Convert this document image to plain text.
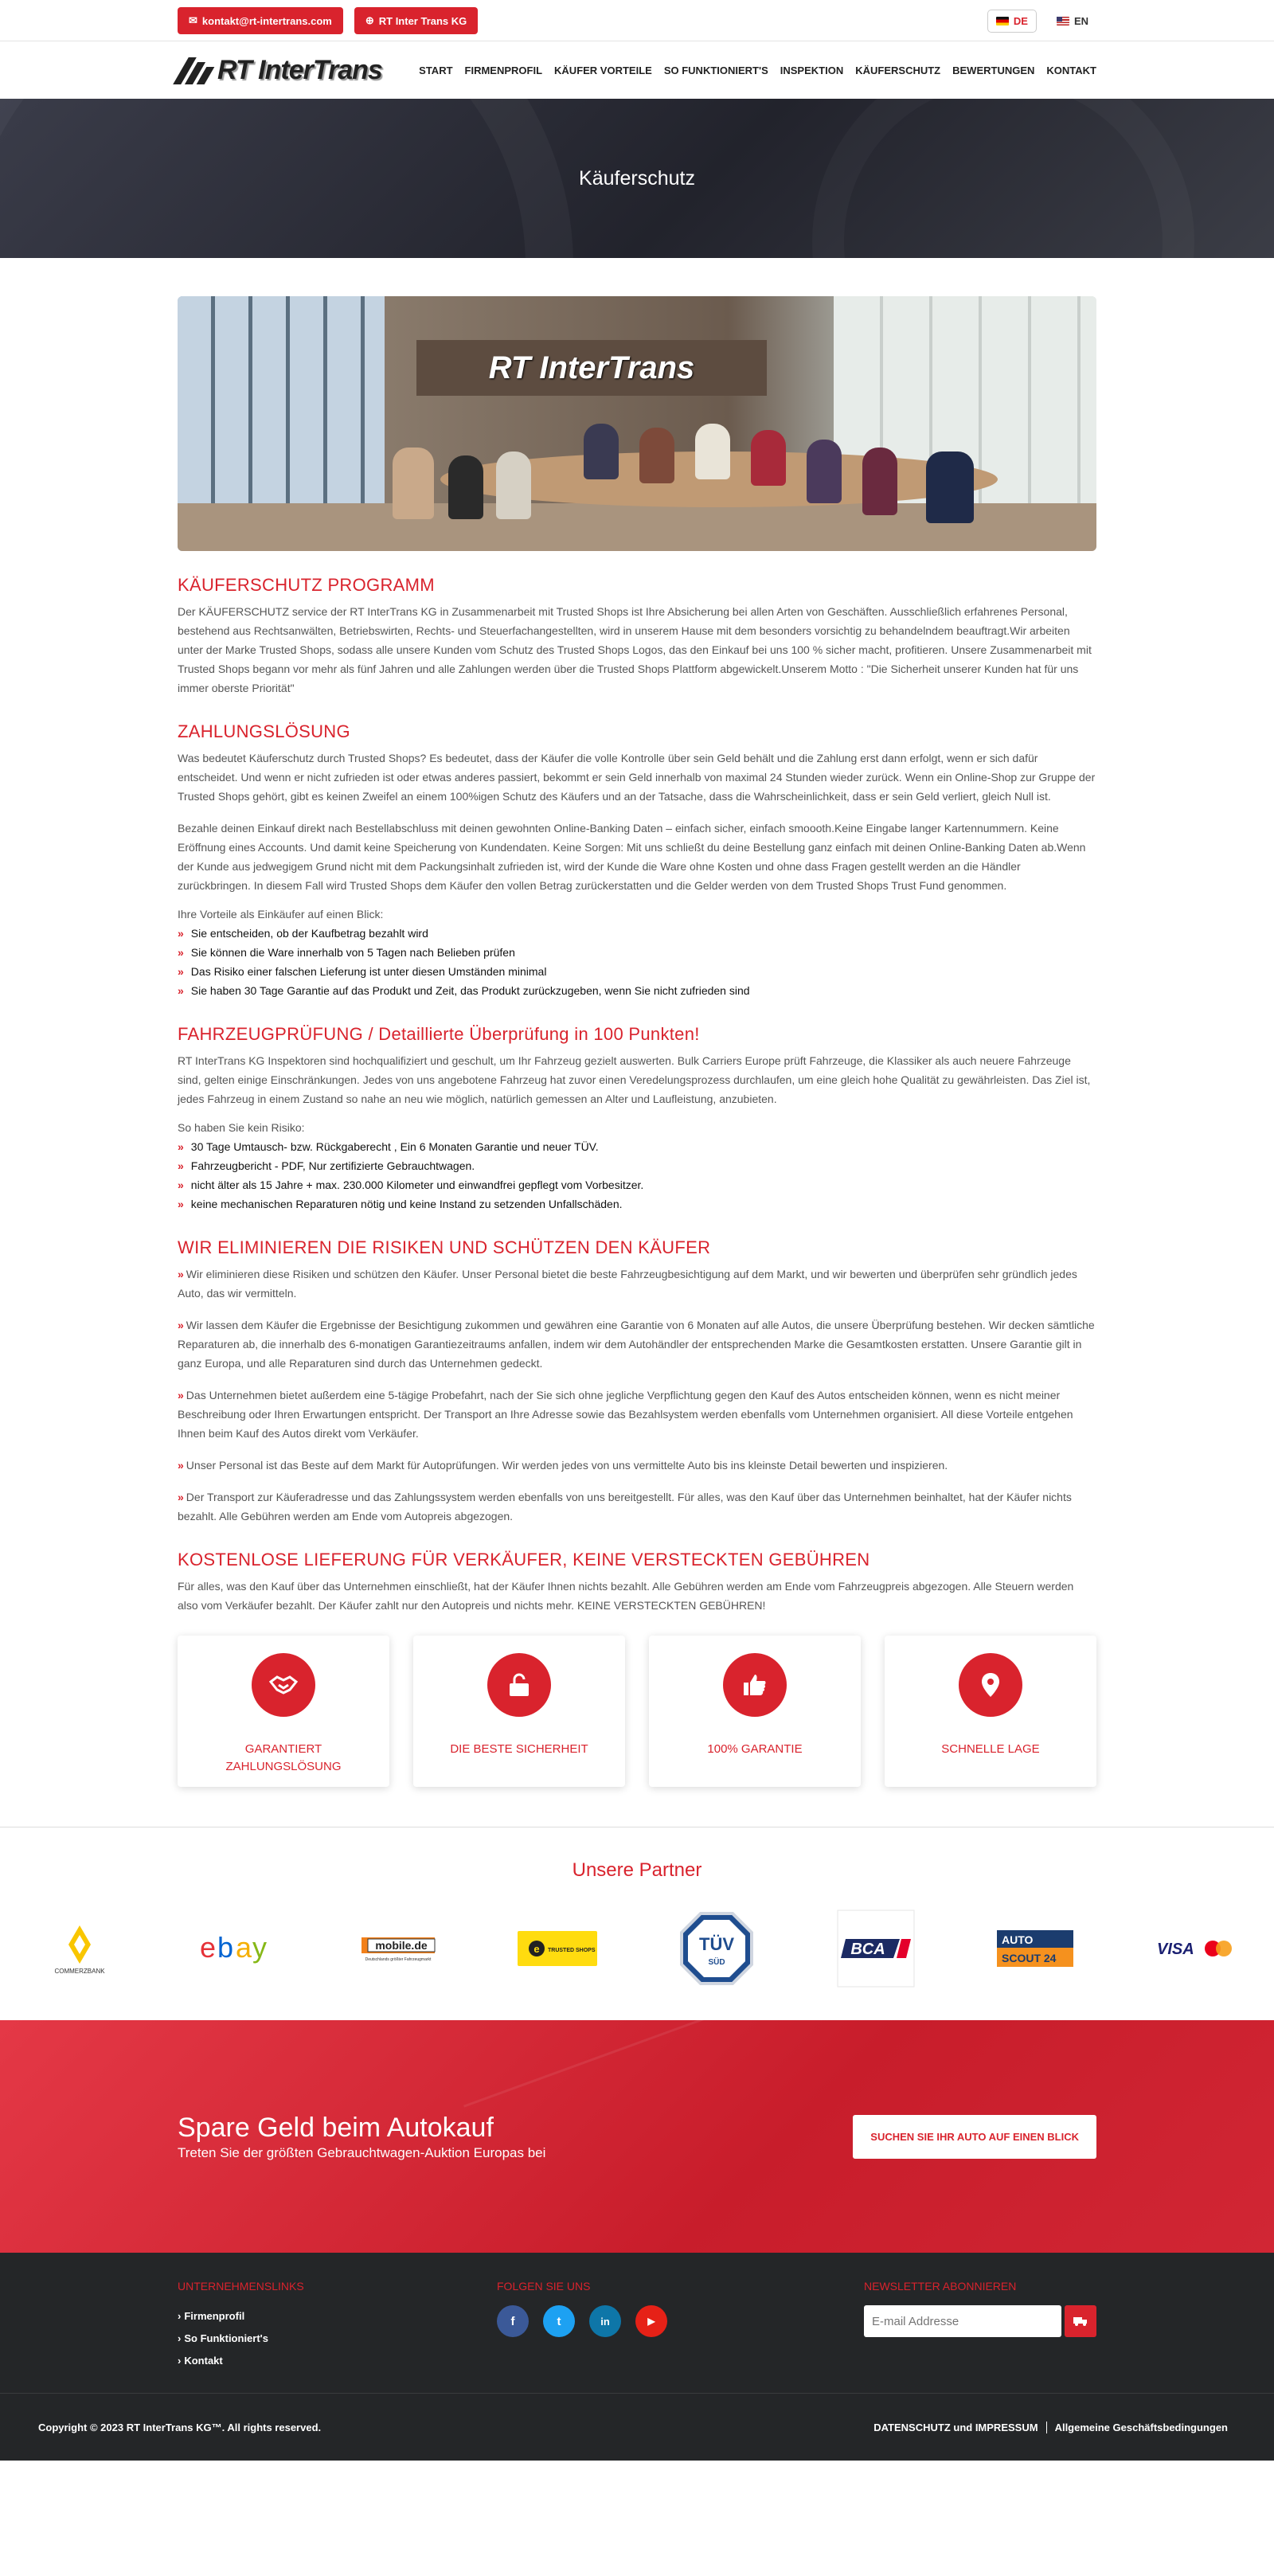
✉ kontakt@rt-intertrans.com	⊕ RT Inter Trans KG	DE	EN
RT InterTrans	START FIRMENPROFIL KÄUFER VORTEILE SO FUNKTIONIERT'S INSPEKTION KÄUFERSCHUTZ BEWERTUNGEN KONTAKT
Käuferschutz
RT InterTrans
KÄUFERSCHUTZ PROGRAMM

Der KÄUFERSCHUTZ service der RT InterTrans KG in Zusammenarbeit mit Trusted Shops ist Ihre Absicherung bei allen Arten von Geschäften. Ausschließlich erfahrenes Personal, bestehend aus Rechtsanwälten, Betriebswirten, Rechts- und Steuerfachangestellten, wird in unserem Hause mit dem besonders vorsichtig zu behandelndem beauftragt.Wir arbeiten unter der Marke Trusted Shops, sodass alle unsere Kunden vom Schutz des Trusted Shops Logos, das den Einkauf bei uns 100 % sicher macht, profitieren. Unsere Zusammenarbeit mit Trusted Shops begann vor mehr als fünf Jahren und alle Zahlungen werden über die Trusted Shops Plattform abgewickelt.Unserem Motto : "Die Sicherheit unserer Kunden hat für uns immer oberste Priorität"

ZAHLUNGSLÖSUNG

Was bedeutet Käuferschutz durch Trusted Shops? Es bedeutet, dass der Käufer die volle Kontrolle über sein Geld behält und die Zahlung erst dann erfolgt, wenn er sich dafür entscheidet. Und wenn er nicht zufrieden ist oder etwas anderes passiert, bekommt er sein Geld innerhalb von maximal 24 Stunden wieder zurück. Wenn ein Online-Shop zur Gruppe der Trusted Shops gehört, gibt es keinen Zweifel an einem 100%igen Schutz des Käufers und an der Tatsache, dass die Wahrscheinlichkeit, dass er sein Geld verliert, gleich Null ist.

Bezahle deinen Einkauf direkt nach Bestellabschluss mit deinen gewohnten Online-Banking Daten – einfach sicher, einfach smoooth.Keine Eingabe langer Kartennummern. Keine Eröffnung eines Accounts. Und damit keine Speicherung von Kundendaten. Keine Sorgen: Mit uns schließt du deine Bestellung ganz einfach mit deinen Online-Banking Daten ab.Wenn der Kunde aus jedwegigem Grund nicht mit dem Packungsinhalt zufrieden ist, wird der Kunde die Ware ohne Kosten und ohne dass Fragen gestellt werden an die Händler zurückbringen. In diesem Fall wird Trusted Shops dem Käufer den vollen Betrag zurückerstatten und die Gelder werden von dem Trusted Shops Trust Fund genommen.

Ihre Vorteile als Einkäufer auf einen Blick:

» Sie entscheiden, ob der Kaufbetrag bezahlt wird
» Sie können die Ware innerhalb von 5 Tagen nach Belieben prüfen
» Das Risiko einer falschen Lieferung ist unter diesen Umständen minimal
» Sie haben 30 Tage Garantie auf das Produkt und Zeit, das Produkt zurückzugeben, wenn Sie nicht zufrieden sind
FAHRZEUGPRÜFUNG / Detaillierte Überprüfung in 100 Punkten!

RT InterTrans KG Inspektoren sind hochqualifiziert und geschult, um Ihr Fahrzeug gezielt auswerten. Bulk Carriers Europe prüft Fahrzeuge, die Klassiker als auch neuere Fahrzeuge sind, gelten einige Einschränkungen. Jedes von uns angebotene Fahrzeug hat zuvor einen Veredelungsprozess durchlaufen, um eine gleich hohe Qualität zu gewährleisten. Das Ziel ist, jedes Fahrzeug in einem Zustand so nahe an neu wie möglich, natürlich gemessen an Alter und Laufleistung, anzubieten.

So haben Sie kein Risiko:

» 30 Tage Umtausch- bzw. Rückgaberecht , Ein 6 Monaten Garantie und neuer TÜV.
» Fahrzeugbericht - PDF, Nur zertifizierte Gebrauchtwagen.
» nicht älter als 15 Jahre + max. 230.000 Kilometer und einwandfrei gepflegt vom Vorbesitzer.
» keine mechanischen Reparaturen nötig und keine Instand zu setzenden Unfallschäden.
WIR ELIMINIEREN DIE RISIKEN UND SCHÜTZEN DEN KÄUFER

» Wir eliminieren diese Risiken und schützen den Käufer. Unser Personal bietet die beste Fahrzeugbesichtigung auf dem Markt, und wir bewerten und überprüfen sehr gründlich jedes Auto, das wir vermitteln.

» Wir lassen dem Käufer die Ergebnisse der Besichtigung zukommen und gewähren eine Garantie von 6 Monaten auf alle Autos, die unsere Überprüfung bestehen. Wir decken sämtliche Reparaturen ab, die innerhalb des 6-monatigen Garantiezeitraums anfallen, indem wir dem Autohändler der entsprechenden Marke die Gesamtkosten erstatten. Unsere Garantie gilt in ganz Europa, und alle Reparaturen sind durch das Unternehmen gedeckt.

» Das Unternehmen bietet außerdem eine 5-tägige Probefahrt, nach der Sie sich ohne jegliche Verpflichtung gegen den Kauf des Autos entscheiden können, wenn es nicht meiner Beschreibung oder Ihren Erwartungen entspricht. Der Transport an Ihre Adresse sowie das Bezahlsystem werden ebenfalls vom Unternehmen organisiert. All diese Vorteile entgehen Ihnen beim Kauf des Autos direkt vom Verkäufer.

» Unser Personal ist das Beste auf dem Markt für Autoprüfungen. Wir werden jedes von uns vermittelte Auto bis ins kleinste Detail bewerten und inspizieren.

» Der Transport zur Käuferadresse und das Zahlungssystem werden ebenfalls von uns bereitgestellt. Für alles, was den Kauf über das Unternehmen beinhaltet, hat der Käufer nichts bezahlt. Alle Gebühren werden am Ende vom Autopreis abgezogen.

KOSTENLOSE LIEFERUNG FÜR VERKÄUFER, KEINE VERSTECKTEN GEBÜHREN

Für alles, was den Kauf über das Unternehmen einschließt, hat der Käufer Ihnen nichts bezahlt. Alle Gebühren werden am Ende vom Fahrzeugpreis abgezogen. Alle Steuern werden also vom Verkäufer bezahlt. Der Käufer zahlt nur den Autopreis und nichts mehr. KEINE VERSTECKTEN GEBÜHREN!

GARANTIERT ZAHLUNGSLÖSUNG
DIE BESTE SICHERHEIT	100% GARANTIE	SCHNELLE LAGE
Unsere Partner
COMMERZBANK
e b a y	mobile.de
Deutschlands größter Fahrzeugmarkt
e TRUSTED SHOPS	TÜV
SÜD
BCA
AUTO
SCOUT 24	VISA
Spare Geld beim Autokauf

Treten Sie der größten Gebrauchtwagen-Auktion Europas bei

SUCHEN SIE IHR AUTO AUF EINEN BLICK
UNTERNEHMENSLINKS
› Firmenprofil
› So Funktioniert's
› Kontakt
FOLGEN SIE UNS
f	t	in	▶
NEWSLETTER ABONNIEREN
E-mail Addresse
Copyright © 2023 RT InterTrans KG™. All rights reserved.	DATENSCHUTZ und IMPRESSUM	Allgemeine Geschäftsbedingungen
